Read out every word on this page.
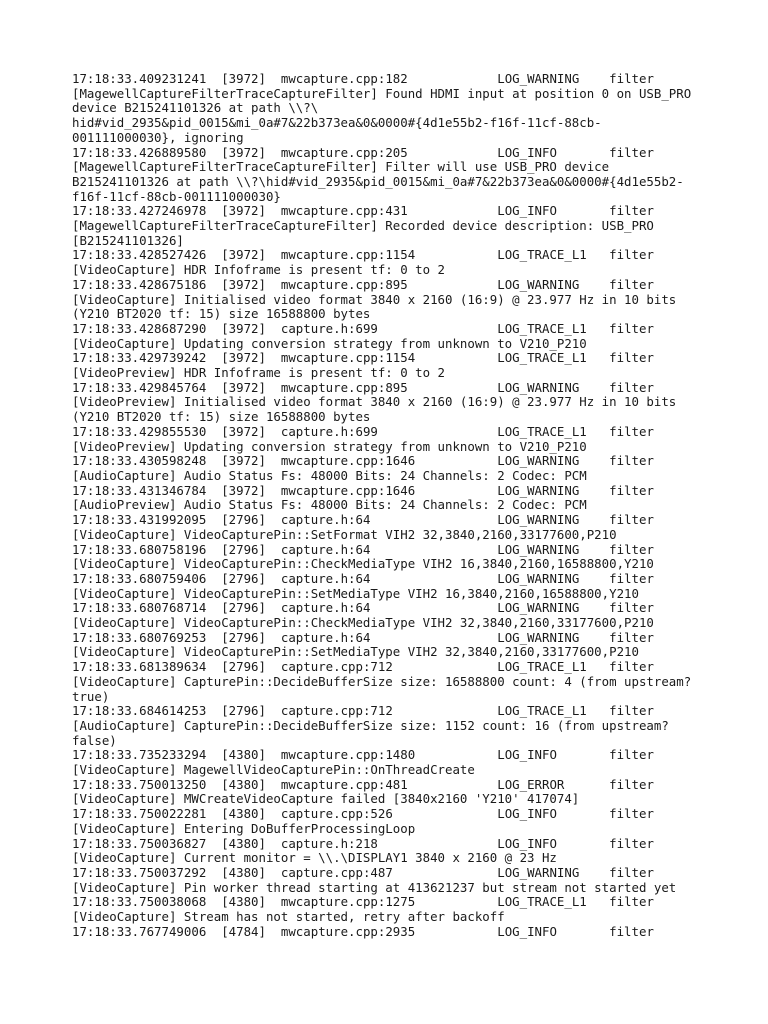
17:18:33.409231241 [3972] mwcapture.cpp:182	LOG_WARNING filter
[MagewellCaptureFilterTraceCaptureFilter] Found HDMI input at position 0 on USB_PRO
device B215241101326 at path \\?\
hid#vid_2935&pid_0015&mi_0a#7&22b373ea&0&0000#{4d1e55b2-f16f-11cf-88cb-
001111000030}, ignoring
17:18:33.426889580 [3972] mwcapture.cpp:205	LOG_INFO	filter
[MagewellCaptureFilterTraceCaptureFilter] Filter will use USB_PRO device
B215241101326 at path \\?\hid#vid_2935&pid_0015&mi_0a#7&22b373ea&0&0000#{4d1e55b2-
f16f-11cf-88cb-001111000030}
17:18:33.427246978 [3972] mwcapture.cpp:431	LOG_INFO	filter
[MagewellCaptureFilterTraceCaptureFilter] Recorded device description: USB_PRO
[B215241101326]
17:18:33.428527426 [3972] mwcapture.cpp:1154	LOG_TRACE_L1 filter
[VideoCapture] HDR Infoframe is present tf: 0 to 2
17:18:33.428675186 [3972] mwcapture.cpp:895	LOG_WARNING filter
[VideoCapture] Initialised video format 3840 x 2160 (16:9) @ 23.977 Hz in 10 bits
(Y210 BT2020 tf: 15) size 16588800 bytes
17:18:33.428687290 [3972] capture.h:699	LOG_TRACE_L1 filter
[VideoCapture] Updating conversion strategy from unknown to V210_P210
17:18:33.429739242 [3972] mwcapture.cpp:1154	LOG_TRACE_L1 filter
[VideoPreview] HDR Infoframe is present tf: 0 to 2
17:18:33.429845764 [3972] mwcapture.cpp:895	LOG_WARNING filter
[VideoPreview] Initialised video format 3840 x 2160 (16:9) @ 23.977 Hz in 10 bits
(Y210 BT2020 tf: 15) size 16588800 bytes
17:18:33.429855530 [3972] capture.h:699	LOG_TRACE_L1 filter
[VideoPreview] Updating conversion strategy from unknown to V210_P210
17:18:33.430598248 [3972] mwcapture.cpp:1646	LOG_WARNING filter
[AudioCapture] Audio Status Fs: 48000 Bits: 24 Channels: 2 Codec: PCM
17:18:33.431346784 [3972] mwcapture.cpp:1646	LOG_WARNING filter
[AudioPreview] Audio Status Fs: 48000 Bits: 24 Channels: 2 Codec: PCM
17:18:33.431992095 [2796] capture.h:64	LOG_WARNING filter
[VideoCapture] VideoCapturePin::SetFormat VIH2 32,3840,2160,33177600,P210
17:18:33.680758196 [2796] capture.h:64	LOG_WARNING filter
[VideoCapture] VideoCapturePin::CheckMediaType VIH2 16,3840,2160,16588800,Y210
17:18:33.680759406 [2796] capture.h:64	LOG_WARNING filter
[VideoCapture] VideoCapturePin::SetMediaType VIH2 16,3840,2160,16588800,Y210
17:18:33.680768714 [2796] capture.h:64	LOG_WARNING filter
[VideoCapture] VideoCapturePin::CheckMediaType VIH2 32,3840,2160,33177600,P210
17:18:33.680769253 [2796] capture.h:64	LOG_WARNING filter
[VideoCapture] VideoCapturePin::SetMediaType VIH2 32,3840,2160,33177600,P210
17:18:33.681389634 [2796] capture.cpp:712	LOG_TRACE_L1 filter
[VideoCapture] CapturePin::DecideBufferSize size: 16588800 count: 4 (from upstream?
true)
17:18:33.684614253 [2796] capture.cpp:712	LOG_TRACE_L1 filter
[AudioCapture] CapturePin::DecideBufferSize size: 1152 count: 16 (from upstream?
false)
17:18:33.735233294 [4380] mwcapture.cpp:1480	LOG_INFO	filter
[VideoCapture] MagewellVideoCapturePin::OnThreadCreate
17:18:33.750013250 [4380] mwcapture.cpp:481	LOG_ERROR	filter
[VideoCapture] MWCreateVideoCapture failed [3840x2160 'Y210' 417074]
17:18:33.750022281 [4380] capture.cpp:526	LOG_INFO	filter
[VideoCapture] Entering DoBufferProcessingLoop
17:18:33.750036827 [4380] capture.h:218	LOG_INFO	filter
[VideoCapture] Current monitor = \\.\DISPLAY1 3840 x 2160 @ 23 Hz
17:18:33.750037292 [4380] capture.cpp:487	LOG_WARNING filter
[VideoCapture] Pin worker thread starting at 413621237 but stream not started yet
17:18:33.750038068 [4380] mwcapture.cpp:1275	LOG_TRACE_L1 filter
[VideoCapture] Stream has not started, retry after backoff
17:18:33.767749006 [4784] mwcapture.cpp:2935	LOG_INFO	filter
